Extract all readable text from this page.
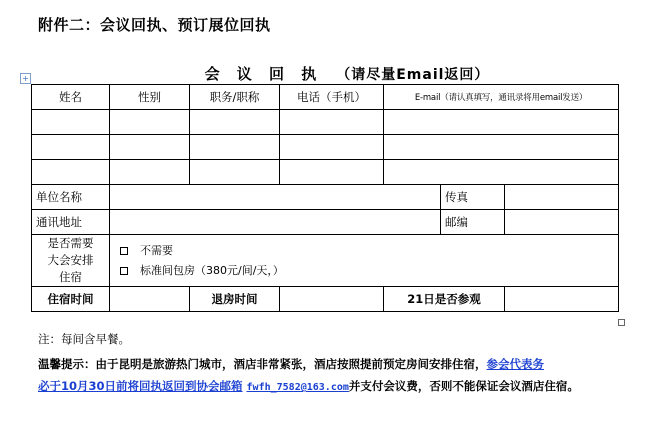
附件二：会议回执、预订展位回执
+	会 议 回 执 （请尽量Email返回）
姓名	性别	职务/职称	电话（手机）	E-mail（请认真填写，通讯录将用email发送）		

单位名称					传真	
通讯地址					邮编	

是否需要
大会安排
住宿	不需要
标准间包房（380元/间/天，）					

住宿时间		退房时间		21日是否参观		
注：每间含早餐。
温馨提示：由于昆明是旅游热门城市，酒店非常紧张，酒店按照提前预定房间安排住宿，参会代表务
必于10月30日前将回执返回到协会邮箱 fwfh_7582@163.com并支付会议费，否则不能保证会议酒店住宿。
